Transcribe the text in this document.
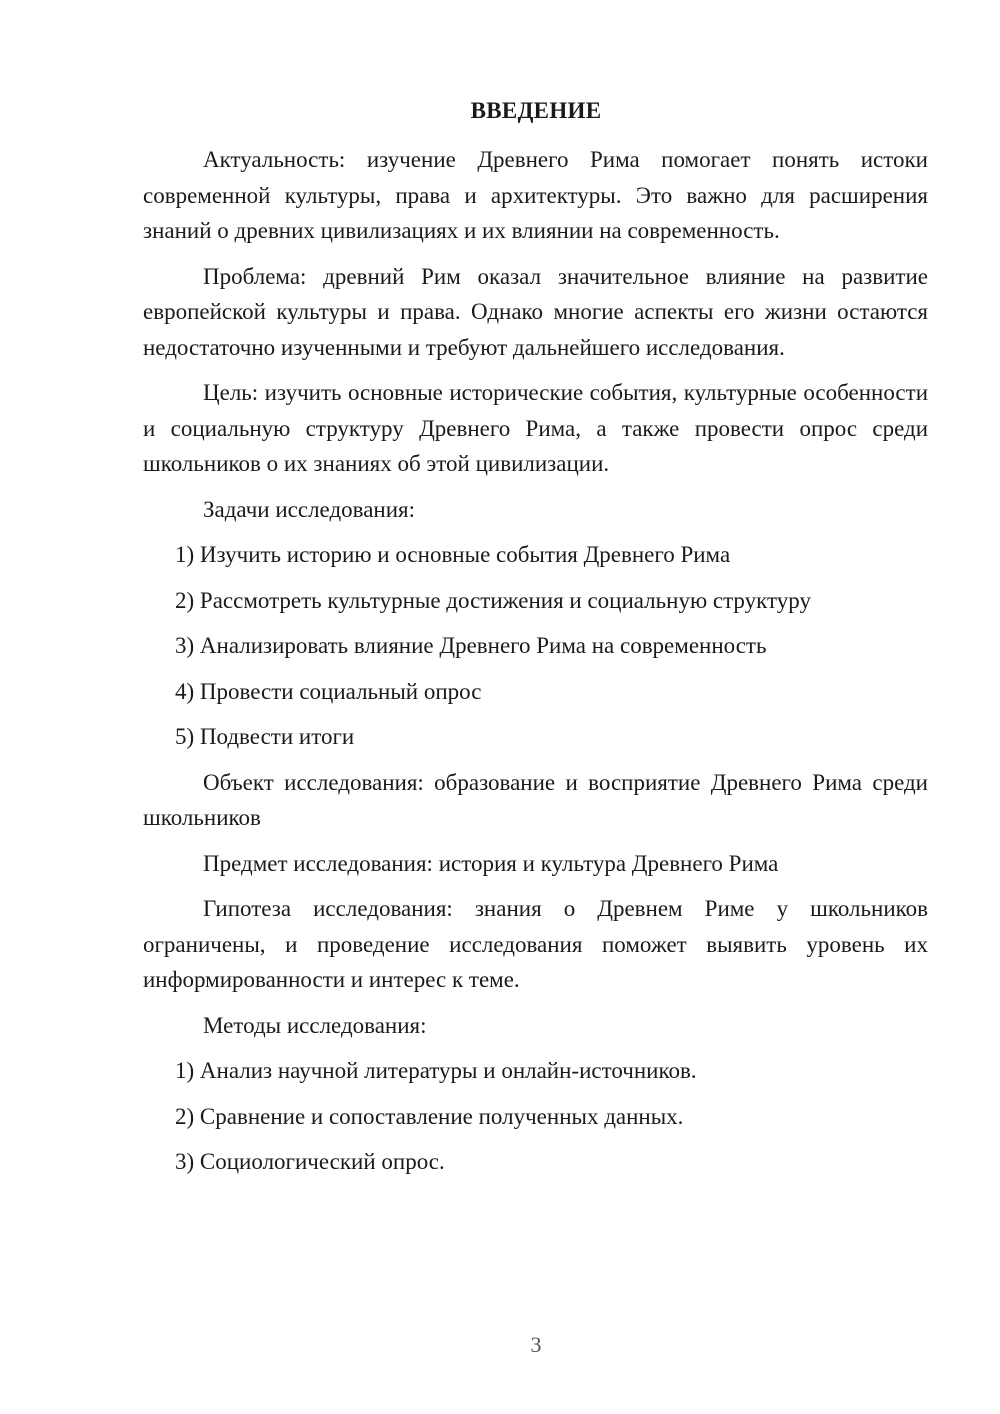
ВВЕДЕНИЕ

Актуальность: изучение Древнего Рима помогает понять истоки современной культуры, права и архитектуры. Это важно для расширения знаний о древних цивилизациях и их влиянии на современность.

Проблема: древний Рим оказал значительное влияние на развитие европейской культуры и права. Однако многие аспекты его жизни остаются недостаточно изученными и требуют дальнейшего исследования.

Цель: изучить основные исторические события, культурные особенности и социальную структуру Древнего Рима, а также провести опрос среди школьников о их знаниях об этой цивилизации.

Задачи исследования:

1) Изучить историю и основные события Древнего Рима

2) Рассмотреть культурные достижения и социальную структуру

3) Анализировать влияние Древнего Рима на современность

4) Провести социальный опрос

5) Подвести итоги

Объект исследования: образование и восприятие Древнего Рима среди школьников

Предмет исследования: история и культура Древнего Рима

Гипотеза исследования: знания о Древнем Риме у школьников ограничены, и проведение исследования поможет выявить уровень их информированности и интерес к теме.

Методы исследования:

1) Анализ научной литературы и онлайн-источников.

2) Сравнение и сопоставление полученных данных.

3) Социологический опрос.

3
